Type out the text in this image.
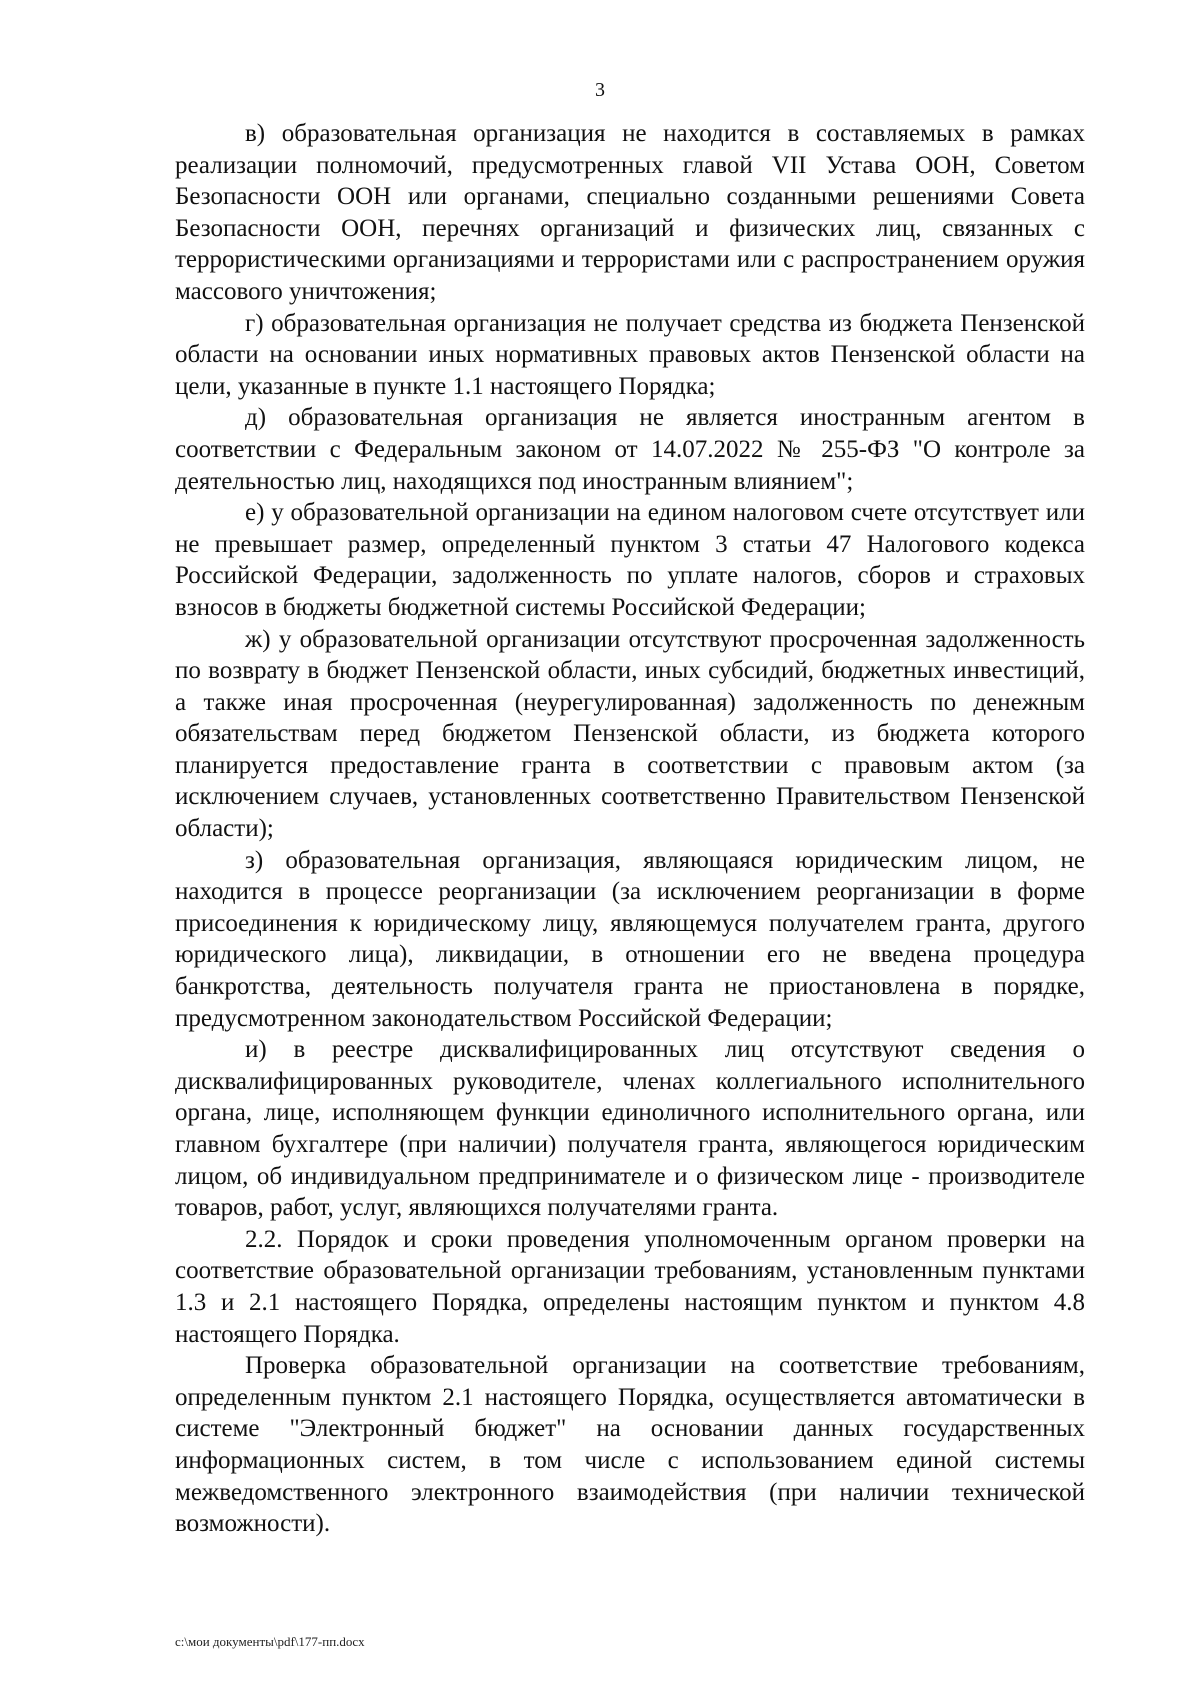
3

в) образовательная организация не находится в составляемых в рамках реализации полномочий, предусмотренных главой VII Устава ООН, Советом Безопасности ООН или органами, специально созданными решениями Совета Безопасности ООН, перечнях организаций и физических лиц, связанных с террористическими организациями и террористами или с распространением оружия массового уничтожения;

г) образовательная организация не получает средства из бюджета Пензенской области на основании иных нормативных правовых актов Пензенской области на цели, указанные в пункте 1.1 настоящего Порядка;

д) образовательная организация не является иностранным агентом в соответствии с Федеральным законом от 14.07.2022 № 255-ФЗ "О контроле за деятельностью лиц, находящихся под иностранным влиянием";

е) у образовательной организации на едином налоговом счете отсутствует или не превышает размер, определенный пунктом 3 статьи 47 Налогового кодекса Российской Федерации, задолженность по уплате налогов, сборов и страховых взносов в бюджеты бюджетной системы Российской Федерации;

ж) у образовательной организации отсутствуют просроченная задолженность по возврату в бюджет Пензенской области, иных субсидий, бюджетных инвестиций, а также иная просроченная (неурегулированная) задолженность по денежным обязательствам перед бюджетом Пензенской области, из бюджета которого планируется предоставление гранта в соответствии с правовым актом (за исключением случаев, установленных соответственно Правительством Пензенской области);

з) образовательная организация, являющаяся юридическим лицом, не находится в процессе реорганизации (за исключением реорганизации в форме присоединения к юридическому лицу, являющемуся получателем гранта, другого юридического лица), ликвидации, в отношении его не введена процедура банкротства, деятельность получателя гранта не приостановлена в порядке, предусмотренном законодательством Российской Федерации;

и) в реестре дисквалифицированных лиц отсутствуют сведения о дисквалифицированных руководителе, членах коллегиального исполнительного органа, лице, исполняющем функции единоличного исполнительного органа, или главном бухгалтере (при наличии) получателя гранта, являющегося юридическим лицом, об индивидуальном предпринимателе и о физическом лице - производителе товаров, работ, услуг, являющихся получателями гранта.

2.2. Порядок и сроки проведения уполномоченным органом проверки на соответствие образовательной организации требованиям, установленным пунктами 1.3 и 2.1 настоящего Порядка, определены настоящим пунктом и пунктом 4.8 настоящего Порядка.

Проверка образовательной организации на соответствие требованиям, определенным пунктом 2.1 настоящего Порядка, осуществляется автоматически в системе "Электронный бюджет" на основании данных государственных информационных систем, в том числе с использованием единой системы межведомственного электронного взаимодействия (при наличии технической возможности).

c:\мои документы\pdf\177-пп.docx
